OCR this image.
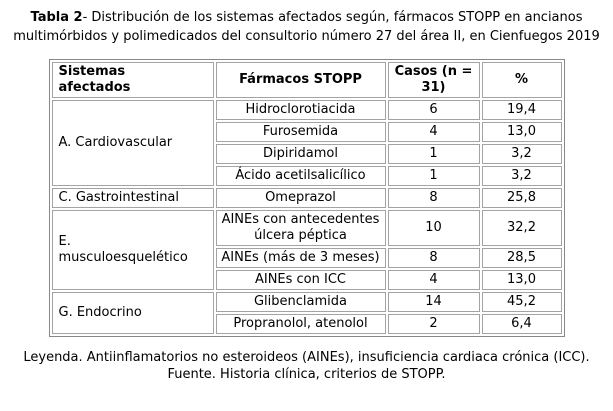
Tabla 2- Distribución de los sistemas afectados según, fármacos STOPP en ancianos multimórbidos y polimedicados del consultorio número 27 del área II, en Cienfuegos 2019
Sistemas afectados	Fármacos STOPP	Casos (n = 31)	%
A. Cardiovascular	Hidroclorotiacida	6	19,4
	Furosemida	4	13,0
	Dipiridamol	1	3,2
	Ácido acetilsalicílico	1	3,2
C. Gastrointestinal	Omeprazol	8	25,8
E. musculoesquelético	AINEs con antecedentes úlcera péptica	10	32,2
	AINEs (más de 3 meses)	8	28,5
	AINEs con ICC	4	13,0
G. Endocrino	Glibenclamida	14	45,2
	Propranolol, atenolol	2	6,4
Leyenda. Antiinflamatorios no esteroideos (AINEs), insuficiencia cardiaca crónica (ICC).
Fuente. Historia clínica, criterios de STOPP.
